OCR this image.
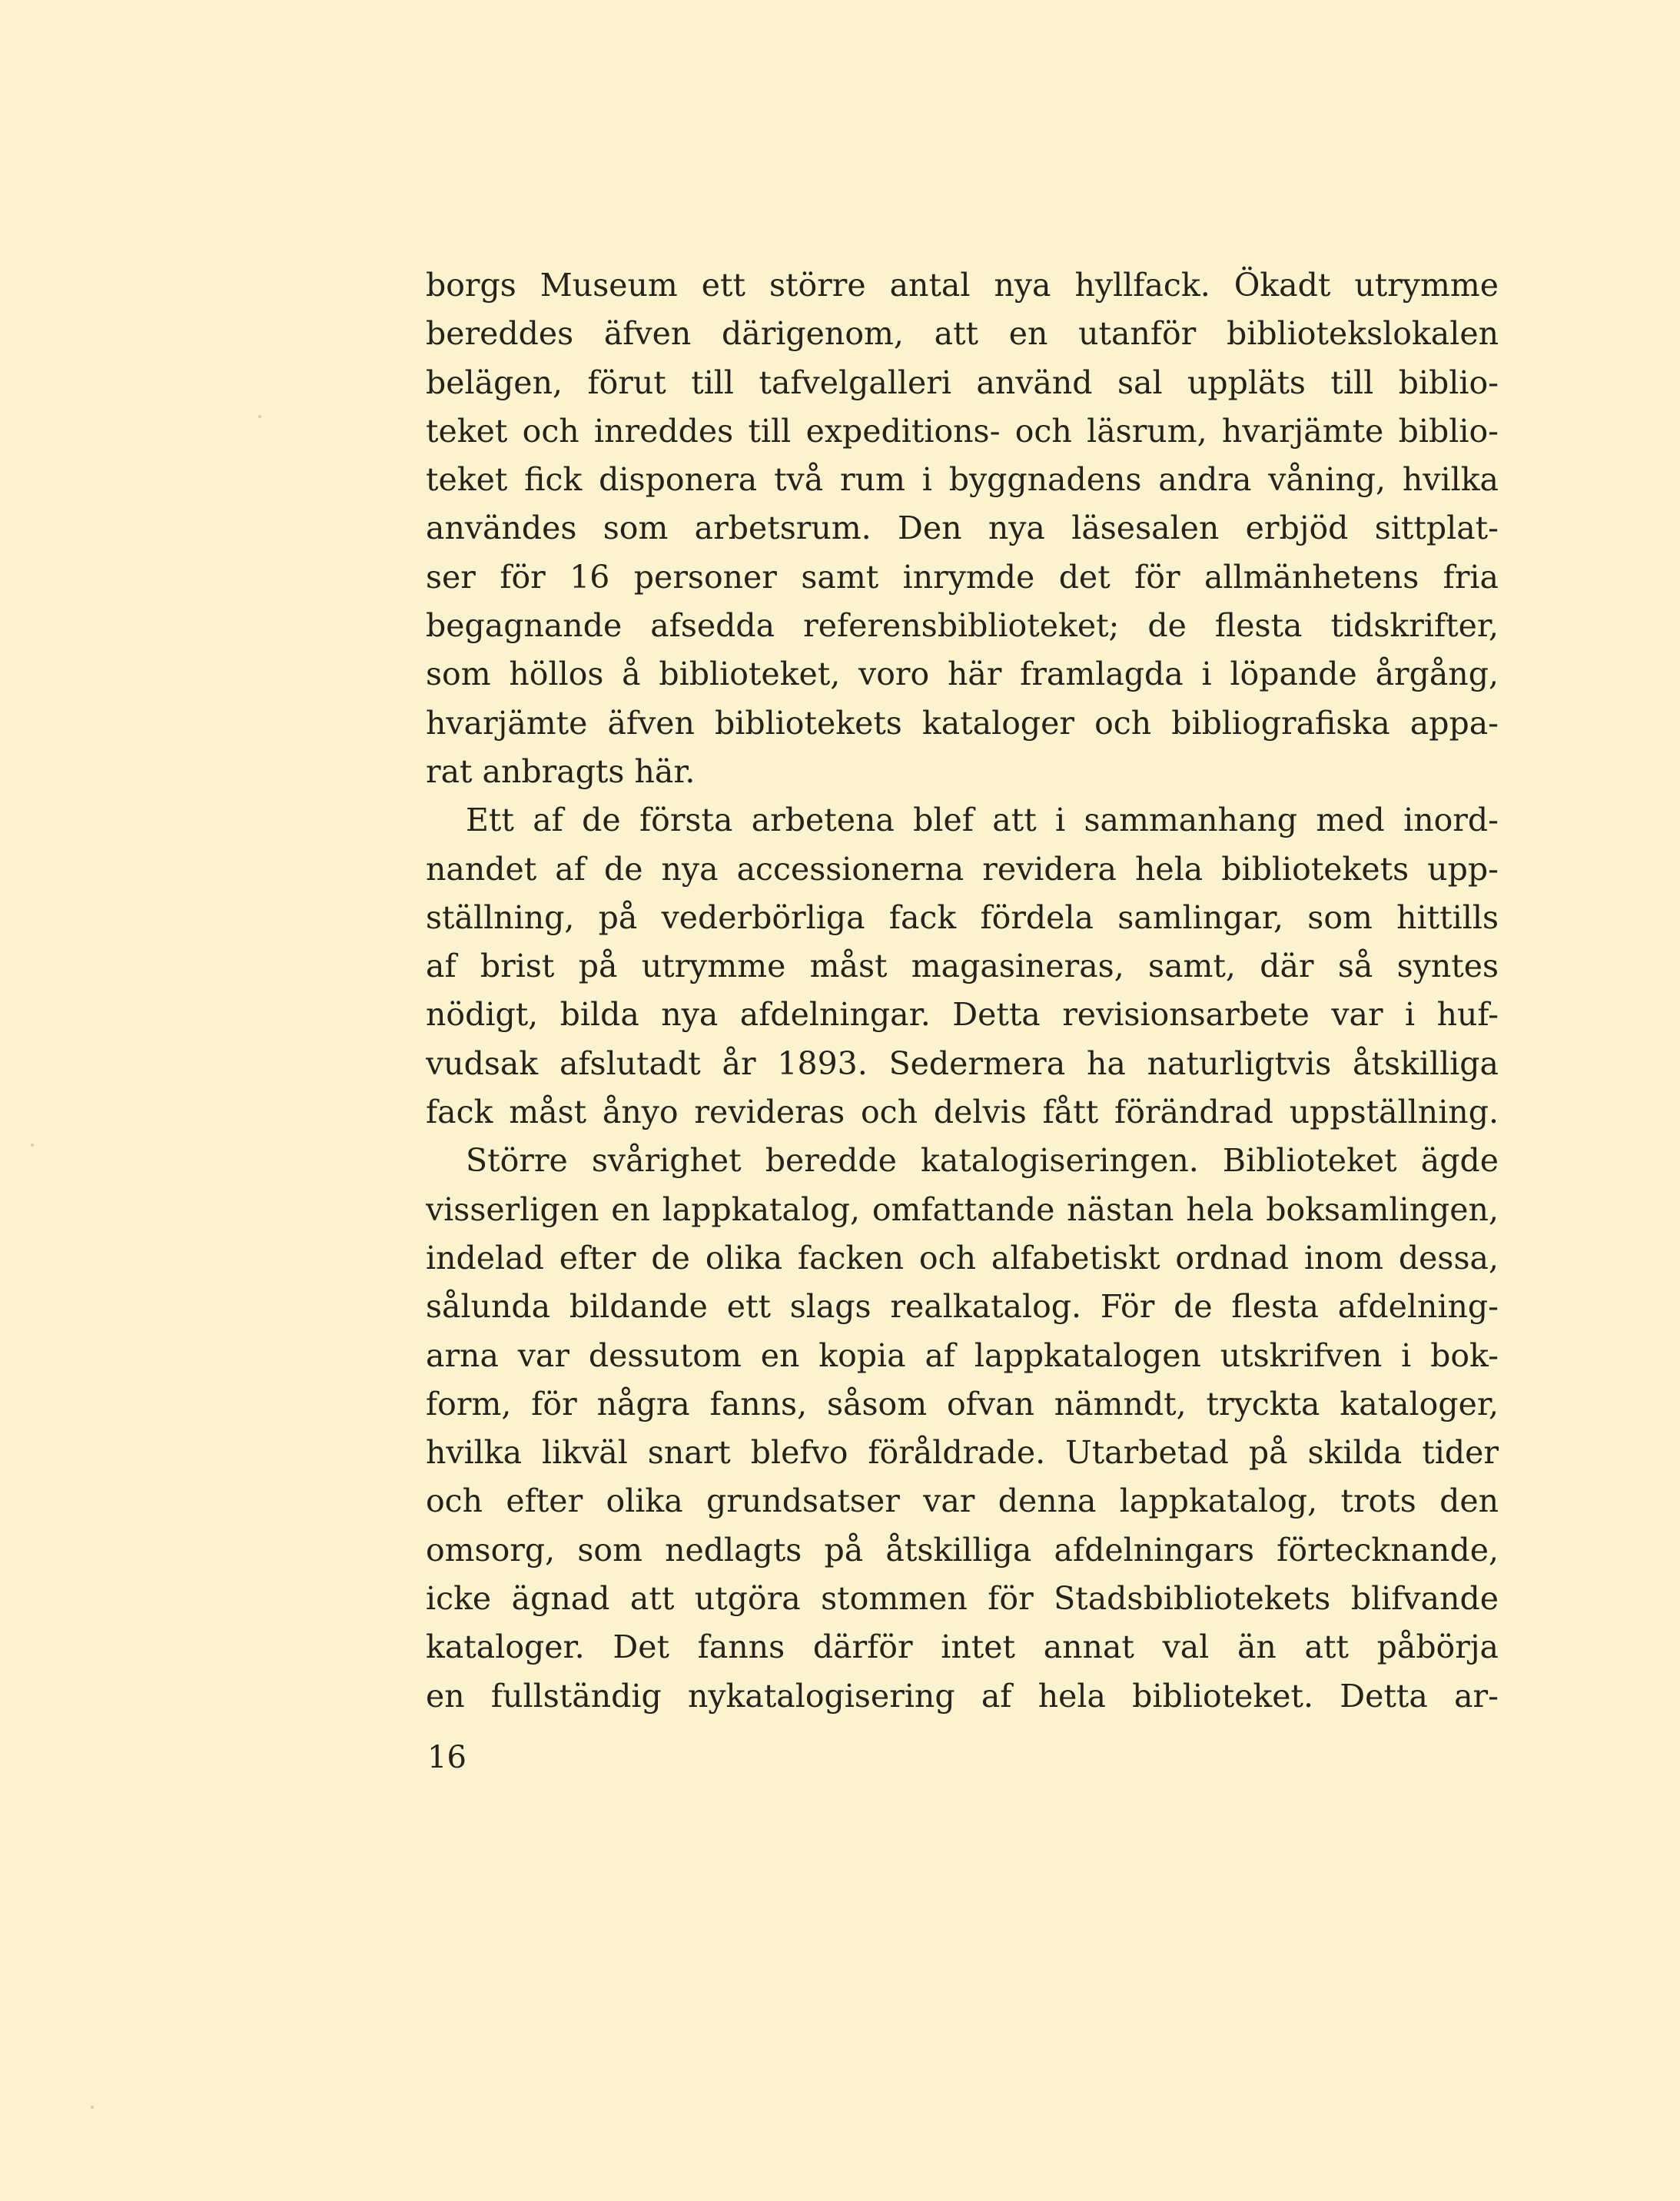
borgs Museum ett större antal nya hyllfack. Ökadt utrymme
bereddes äfven därigenom, att en utanför bibliotekslokalen
belägen, förut till tafvelgalleri använd sal uppläts till biblio-
teket och inreddes till expeditions- och läsrum, hvarjämte biblio-
teket fick disponera två rum i byggnadens andra våning, hvilka
användes som arbetsrum. Den nya läsesalen erbjöd sittplat-
ser för 16 personer samt inrymde det för allmänhetens fria
begagnande afsedda referensbiblioteket; de flesta tidskrifter,
som höllos å biblioteket, voro här framlagda i löpande årgång,
hvarjämte äfven bibliotekets kataloger och bibliografiska appa-
rat anbragts här.
Ett af de första arbetena blef att i sammanhang med inord-
nandet af de nya accessionerna revidera hela bibliotekets upp-
ställning, på vederbörliga fack fördela samlingar, som hittills
af brist på utrymme måst magasineras, samt, där så syntes
nödigt, bilda nya afdelningar. Detta revisionsarbete var i huf-
vudsak afslutadt år 1893. Sedermera ha naturligtvis åtskilliga
fack måst ånyo revideras och delvis fått förändrad uppställning.
Större svårighet beredde katalogiseringen. Biblioteket ägde
visserligen en lappkatalog, omfattande nästan hela boksamlingen,
indelad efter de olika facken och alfabetiskt ordnad inom dessa,
sålunda bildande ett slags realkatalog. För de flesta afdelning-
arna var dessutom en kopia af lappkatalogen utskrifven i bok-
form, för några fanns, såsom ofvan nämndt, tryckta kataloger,
hvilka likväl snart blefvo föråldrade. Utarbetad på skilda tider
och efter olika grundsatser var denna lappkatalog, trots den
omsorg, som nedlagts på åtskilliga afdelningars förtecknande,
icke ägnad att utgöra stommen för Stadsbibliotekets blifvande
kataloger. Det fanns därför intet annat val än att påbörja
en fullständig nykatalogisering af hela biblioteket. Detta ar-
16
